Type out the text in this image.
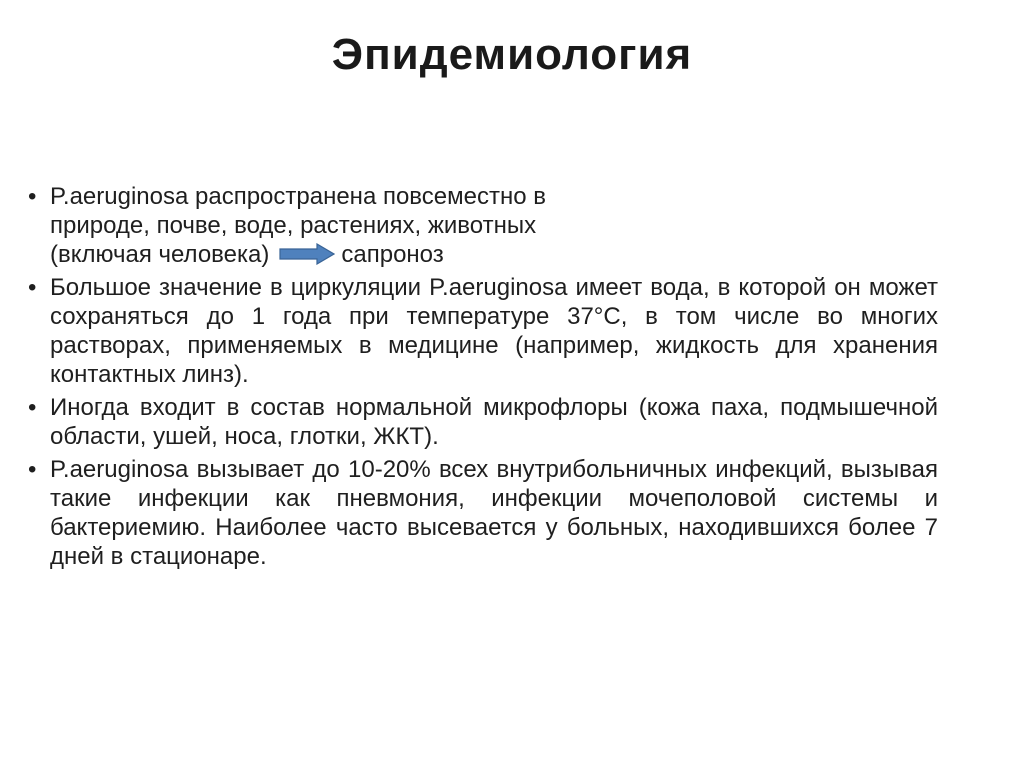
Эпидемиология
• P.aeruginosa распространена повсеместно в
природе, почве, воде, растениях, животных
(включая человека)	сапроноз
• Большое значение в циркуляции P.aeruginosa имеет вода, в которой он может сохраняться до 1 года при температуре 37°С, в том числе во многих растворах, применяемых в медицине (например, жидкость для хранения контактных линз).
• Иногда входит в состав нормальной микрофлоры (кожа паха, подмышечной области, ушей, носа, глотки, ЖКТ).
• P.aeruginosa вызывает до 10-20% всех внутрибольничных инфекций, вызывая такие инфекции как пневмония, инфекции мочеполовой системы и бактериемию. Наиболее часто высевается у больных, находившихся более 7 дней в стационаре.
